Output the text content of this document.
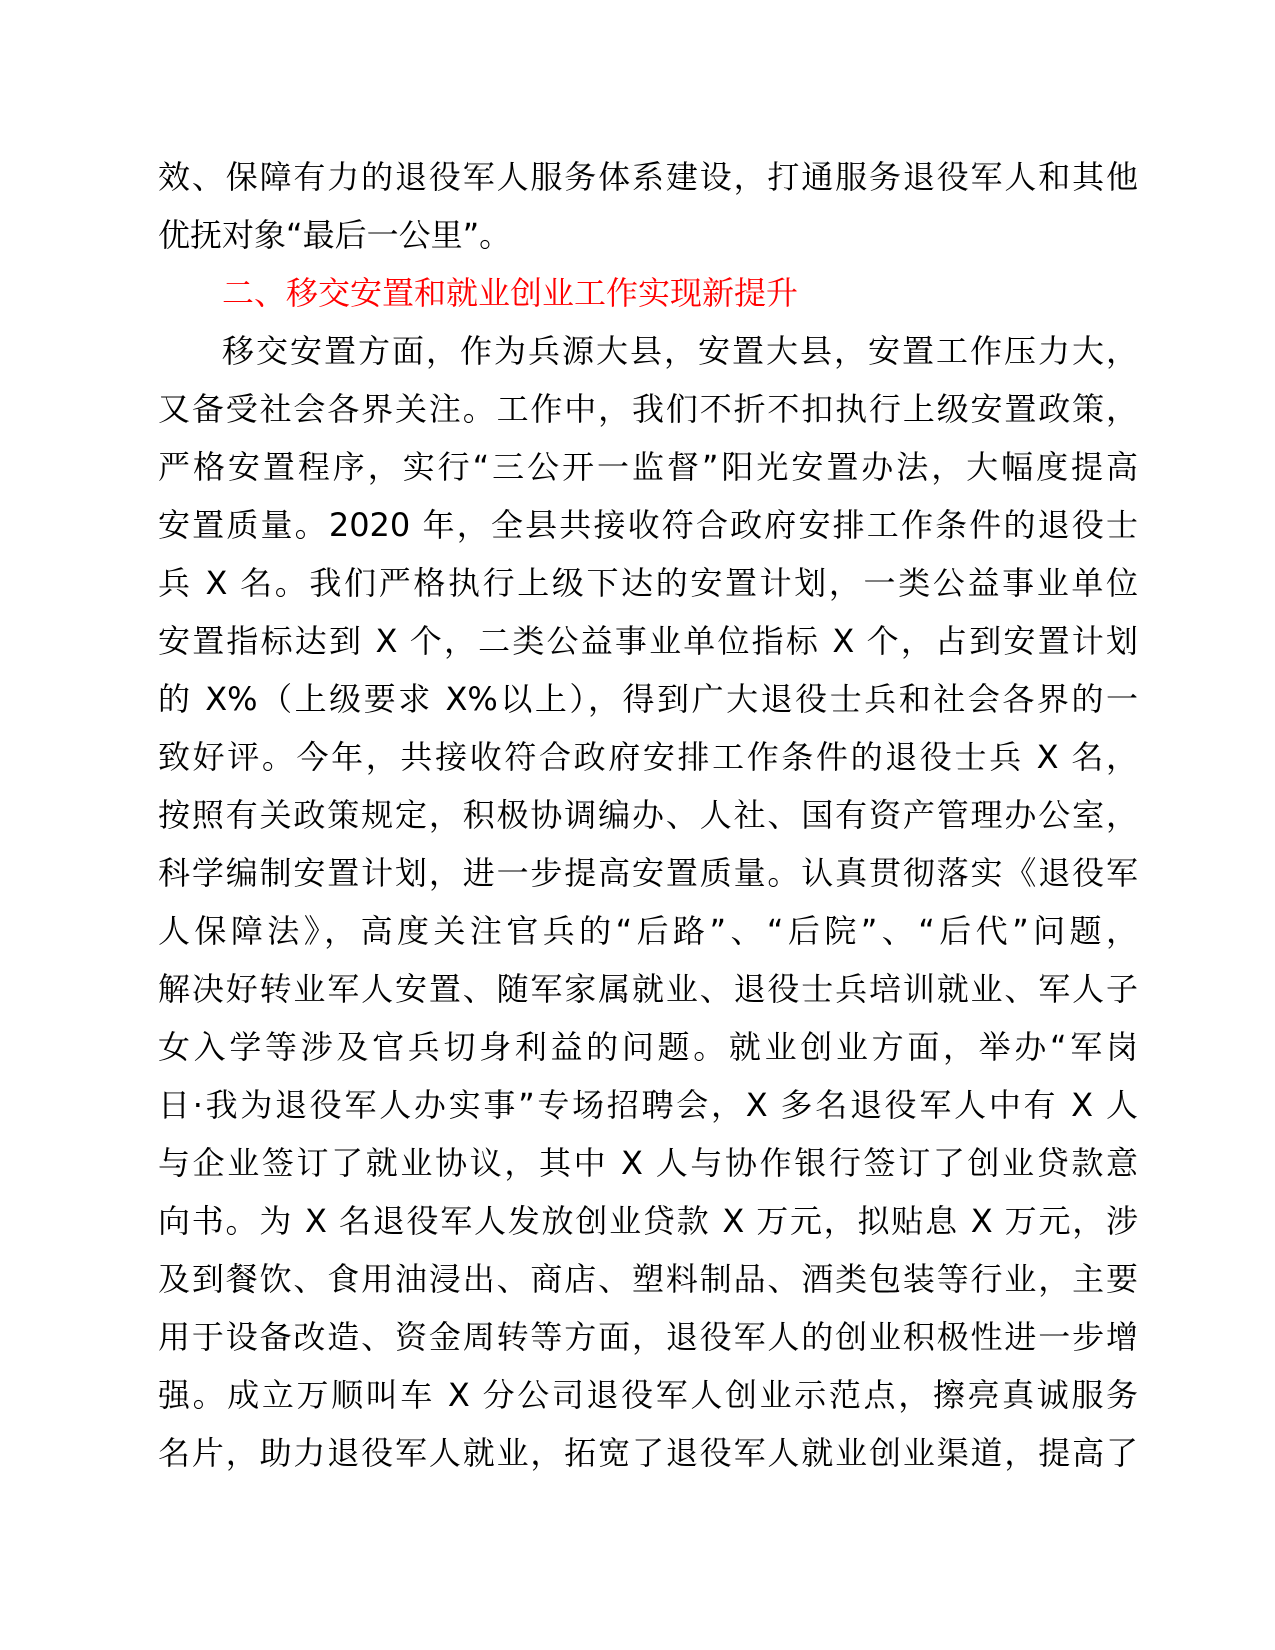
效、保障有力的退役军人服务体系建设，打通服务退役军人和其他
优抚对象“最后一公里”。
二、移交安置和就业创业工作实现新提升
移交安置方面，作为兵源大县，安置大县，安置工作压力大，
又备受社会各界关注。工作中，我们不折不扣执行上级安置政策，
严格安置程序，实行“三公开一监督”阳光安置办法，大幅度提高
安置质量。2020 年，全县共接收符合政府安排工作条件的退役士
兵 X 名。我们严格执行上级下达的安置计划，一类公益事业单位
安置指标达到 X 个，二类公益事业单位指标 X 个，占到安置计划
的 X%（上级要求 X%以上），得到广大退役士兵和社会各界的一
致好评。今年，共接收符合政府安排工作条件的退役士兵 X 名，
按照有关政策规定，积极协调编办、人社、国有资产管理办公室，
科学编制安置计划，进一步提高安置质量。认真贯彻落实《退役军
人保障法》，高度关注官兵的“后路”、“后院”、“后代”问题，
解决好转业军人安置、随军家属就业、退役士兵培训就业、军人子
女入学等涉及官兵切身利益的问题。就业创业方面，举办“军岗
日·我为退役军人办实事”专场招聘会，X 多名退役军人中有 X 人
与企业签订了就业协议，其中 X 人与协作银行签订了创业贷款意
向书。为 X 名退役军人发放创业贷款 X 万元，拟贴息 X 万元，涉
及到餐饮、食用油浸出、商店、塑料制品、酒类包装等行业，主要
用于设备改造、资金周转等方面，退役军人的创业积极性进一步增
强。成立万顺叫车 X 分公司退役军人创业示范点，擦亮真诚服务
名片，助力退役军人就业，拓宽了退役军人就业创业渠道，提高了
